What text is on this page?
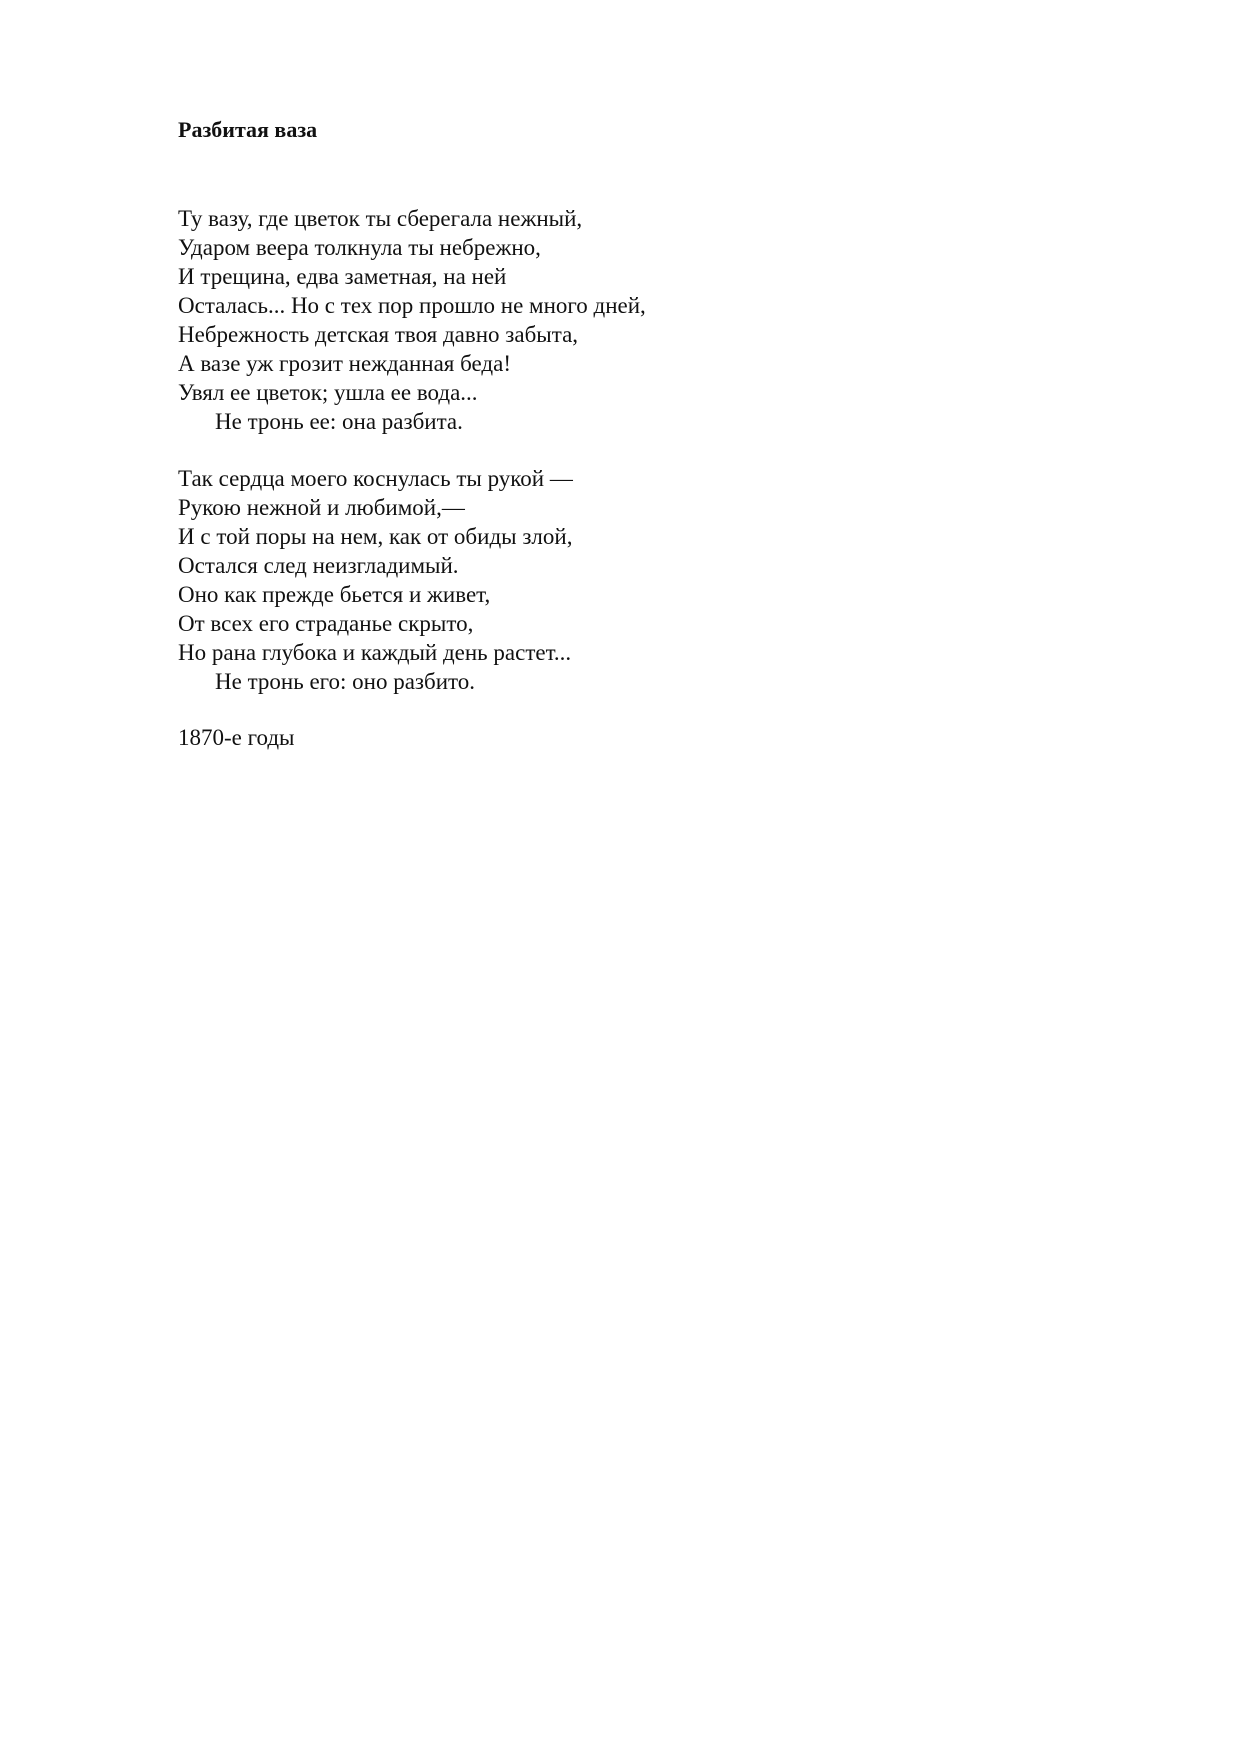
Разбитая ваза
Ту вазу, где цветок ты сберегала нежный,
Ударом веера толкнула ты небрежно,
И трещина, едва заметная, на ней
Осталась... Но с тех пор прошло не много дней,
Небрежность детская твоя давно забыта,
А вазе уж грозит нежданная беда!
Увял ее цветок; ушла ее вода...
Не тронь ее: она разбита.
Так сердца моего коснулась ты рукой —
Рукою нежной и любимой,—
И с той поры на нем, как от обиды злой,
Остался след неизгладимый.
Оно как прежде бьется и живет,
От всех его страданье скрыто,
Но рана глубока и каждый день растет...
Не тронь его: оно разбито.
1870-е годы
